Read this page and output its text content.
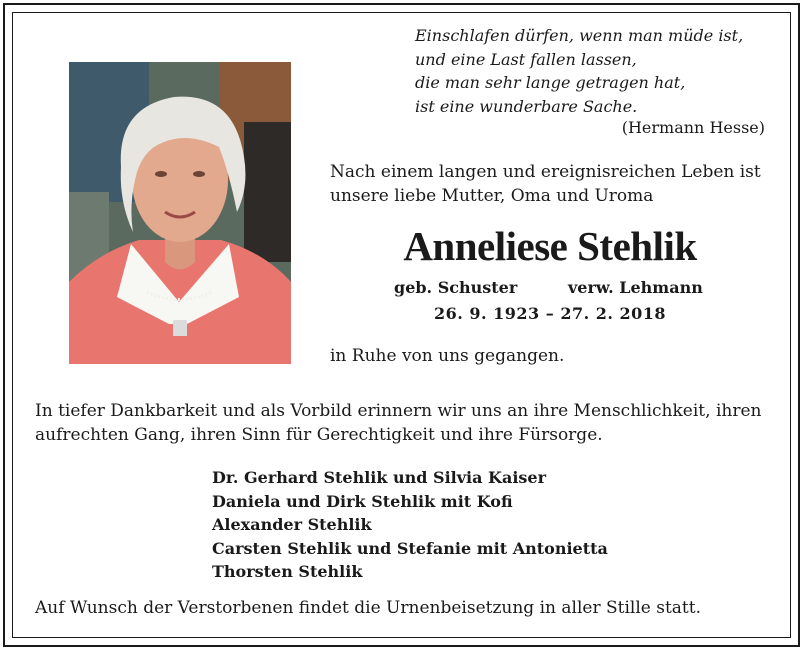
Einschlafen dürfen, wenn man müde ist,
und eine Last fallen lassen,
die man sehr lange getragen hat,
ist eine wunderbare Sache.
(Hermann Hesse)
Nach einem langen und ereignisreichen Leben ist
unsere liebe Mutter, Oma und Uroma
Anneliese Stehlik
geb. Schuster	verw. Lehmann
26. 9. 1923 – 27. 2. 2018
in Ruhe von uns gegangen.
In tiefer Dankbarkeit und als Vorbild erinnern wir uns an ihre Menschlichkeit, ihren
aufrechten Gang, ihren Sinn für Gerechtigkeit und ihre Fürsorge.
Dr. Gerhard Stehlik und Silvia Kaiser
Daniela und Dirk Stehlik mit Kofi
Alexander Stehlik
Carsten Stehlik und Stefanie mit Antonietta
Thorsten Stehlik
Auf Wunsch der Verstorbenen findet die Urnenbeisetzung in aller Stille statt.
